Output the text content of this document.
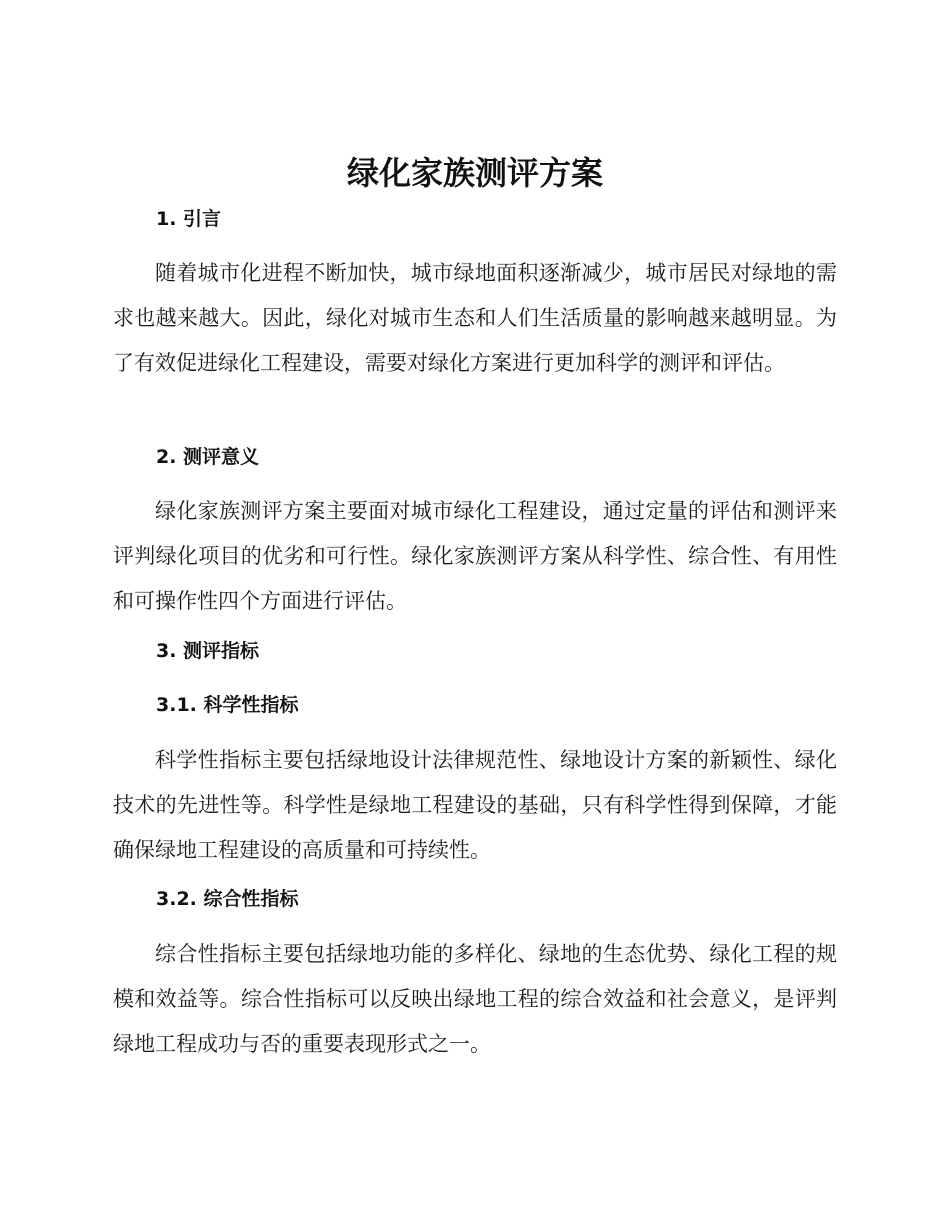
绿化家族测评方案
1. 引言

随着城市化进程不断加快，城市绿地面积逐渐减少，城市居民对绿地的需求也越来越大。因此，绿化对城市生态和人们生活质量的影响越来越明显。为了有效促进绿化工程建设，需要对绿化方案进行更加科学的测评和评估。

2. 测评意义

绿化家族测评方案主要面对城市绿化工程建设，通过定量的评估和测评来评判绿化项目的优劣和可行性。绿化家族测评方案从科学性、综合性、有用性和可操作性四个方面进行评估。

3. 测评指标
3.1. 科学性指标

科学性指标主要包括绿地设计法律规范性、绿地设计方案的新颖性、绿化技术的先进性等。科学性是绿地工程建设的基础，只有科学性得到保障，才能确保绿地工程建设的高质量和可持续性。

3.2. 综合性指标

综合性指标主要包括绿地功能的多样化、绿地的生态优势、绿化工程的规模和效益等。综合性指标可以反映出绿地工程的综合效益和社会意义，是评判绿地工程成功与否的重要表现形式之一。
